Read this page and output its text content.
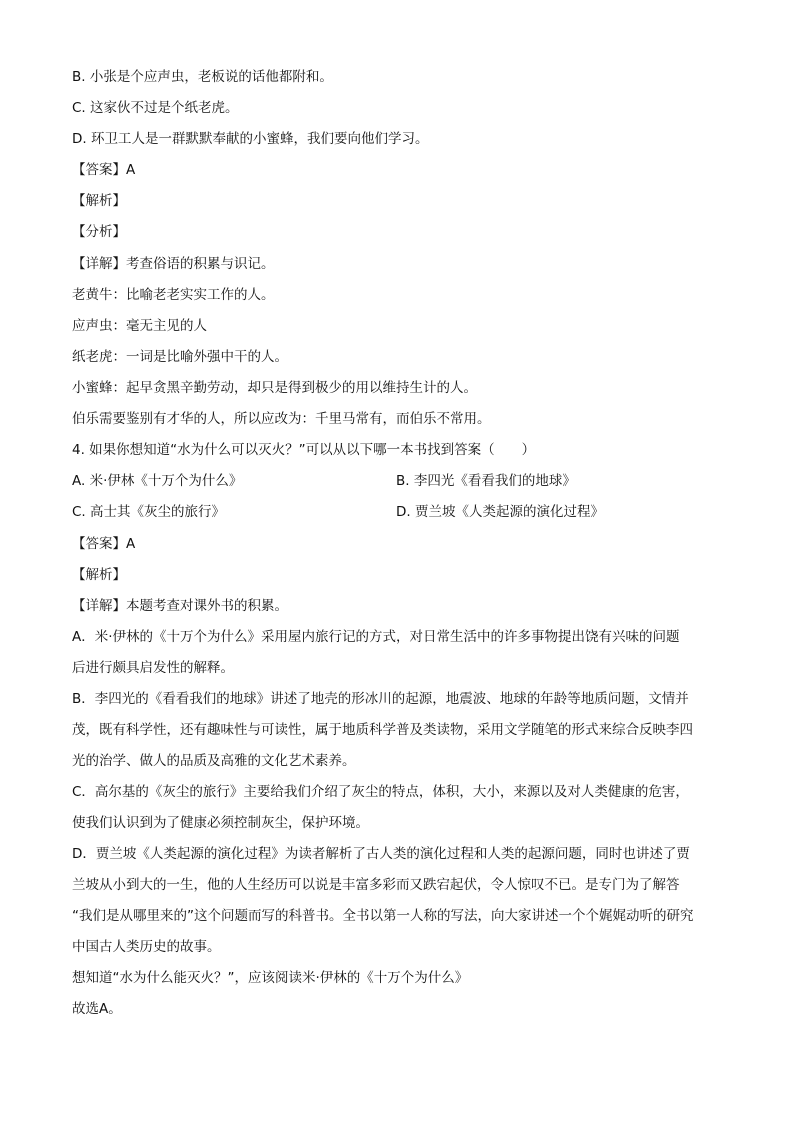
B. 小张是个应声虫，老板说的话他都附和。
C. 这家伙不过是个纸老虎。
D. 环卫工人是一群默默奉献的小蜜蜂，我们要向他们学习。
【答案】A
【解析】
【分析】
【详解】考查俗语的积累与识记。
老黄牛：比喻老老实实工作的人。
应声虫：毫无主见的人
纸老虎：一词是比喻外强中干的人。
小蜜蜂：起早贪黑辛勤劳动，却只是得到极少的用以维持生计的人。
伯乐需要鉴别有才华的人，所以应改为：千里马常有，而伯乐不常用。
4. 如果你想知道“水为什么可以灭火？”可以从以下哪一本书找到答案（　　）
A. 米·伊林《十万个为什么》	B. 李四光《看看我们的地球》
C. 高士其《灰尘的旅行》	D. 贾兰坡《人类起源的演化过程》
【答案】A
【解析】
【详解】本题考查对课外书的积累。
A．米·伊林的《十万个为什么》采用屋内旅行记的方式，对日常生活中的许多事物提出饶有兴味的问题
后进行颇具启发性的解释。
B．李四光的《看看我们的地球》讲述了地壳的形冰川的起源，地震波、地球的年龄等地质问题，文情并
茂，既有科学性，还有趣味性与可读性，属于地质科学普及类读物，采用文学随笔的形式来综合反映李四
光的治学、做人的品质及高雅的文化艺术素养。
C．高尔基的《灰尘的旅行》主要给我们介绍了灰尘的特点，体积，大小，来源以及对人类健康的危害，
使我们认识到为了健康必须控制灰尘，保护环境。
D．贾兰坡《人类起源的演化过程》为读者解析了古人类的演化过程和人类的起源问题，同时也讲述了贾
兰坡从小到大的一生，他的人生经历可以说是丰富多彩而又跌宕起伏，令人惊叹不已。是专门为了解答
“我们是从哪里来的”这个问题而写的科普书。全书以第一人称的写法，向大家讲述一个个娓娓动听的研究
中国古人类历史的故事。
想知道“水为什么能灭火？”，应该阅读米·伊林的《十万个为什么》
故选A。
